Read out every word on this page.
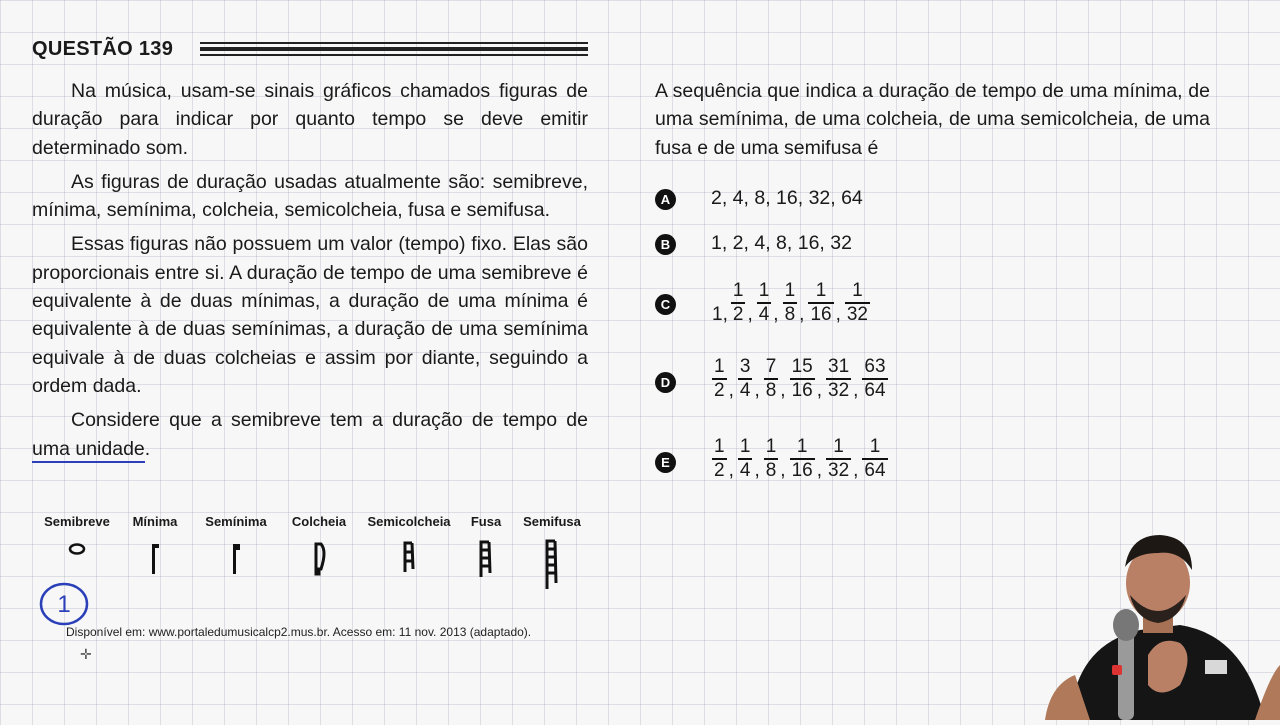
QUESTÃO 139

Na música, usam-se sinais gráficos chamados figuras de duração para indicar por quanto tempo se deve emitir determinado som.

As figuras de duração usadas atualmente são: semibreve, mínima, semínima, colcheia, semicolcheia, fusa e semifusa.

Essas figuras não possuem um valor (tempo) fixo. Elas são proporcionais entre si. A duração de tempo de uma semibreve é equivalente à de duas mínimas, a duração de uma mínima é equivalente à de duas semínimas, a duração de uma semínima equivale à de duas colcheias e assim por diante, seguindo a ordem dada.

Considere que a semibreve tem a duração de tempo de uma unidade.

Semibreve	Mínima	Semínima	Colcheia	Semicolcheia	Fusa	Semifusa
1
Disponível em: www.portaledumusicalcp2.mus.br. Acesso em: 11 nov. 2013 (adaptado).
✛
A sequência que indica a duração de tempo de uma mínima, de uma semínima, de uma colcheia, de uma semicolcheia, de uma fusa e de uma semifusa é
A 2, 4, 8, 16, 32, 64
B 1, 2, 4, 8, 16, 32
C	1, $\frac{1}{2}$ , $\frac{1}{4}$ , $\frac{1}{8}$ , $\frac{1}{16}$ , $\frac{1}{32}$
D	$\frac{1}{2}$ , $\frac{3}{4}$ , $\frac{7}{8}$ , $\frac{15}{16}$ , $\frac{31}{32}$ , $\frac{63}{64}$
E	$\frac{1}{2}$ , $\frac{1}{4}$ , $\frac{1}{8}$ , $\frac{1}{16}$ , $\frac{1}{32}$ , $\frac{1}{64}$
